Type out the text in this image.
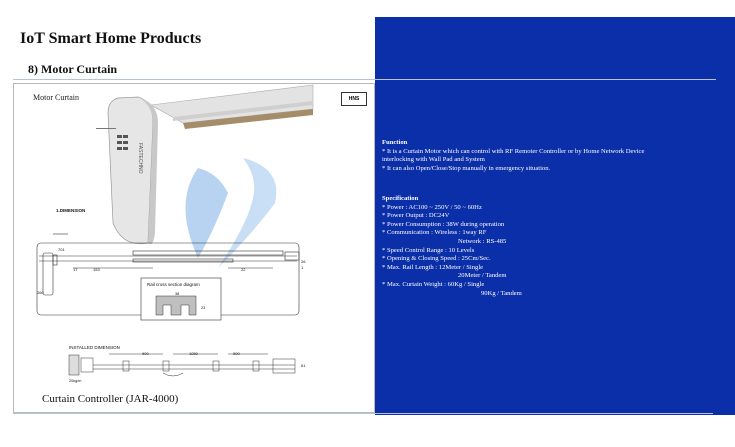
IoT Smart Home Products
8) Motor Curtain
Motor Curtain	HNS
FASTECHNO
1.DIMENSION
701
153	22
17
26
1
260
Rail cross section diagram
38
23
INSTALLED DIMENSION
900	1050	900
61
20kg/m
Curtain Controller (JAR-4000)
Function
* It is a Curtain Motor which can control with RF Remoter Controller or by Home Network Device
interlocking with Wall Pad and System
* It can also Open/Close/Stop manually in emergency situation.
Specification
* Power : AC100 ~ 250V / 50 ~ 60Hz
* Power Output : DC24V
* Power Consumption : 38W during operation
* Communication : Wireless : 1way RF
Network : RS-485
* Speed Control Range : 10 Levels
* Opening & Closing Speed : 25Cm/Sec.
* Max. Rail Length : 12Meter / Single
20Meter / Tandem
* Max. Curtain Weight : 60Kg / Single
90Kg / Tandem
